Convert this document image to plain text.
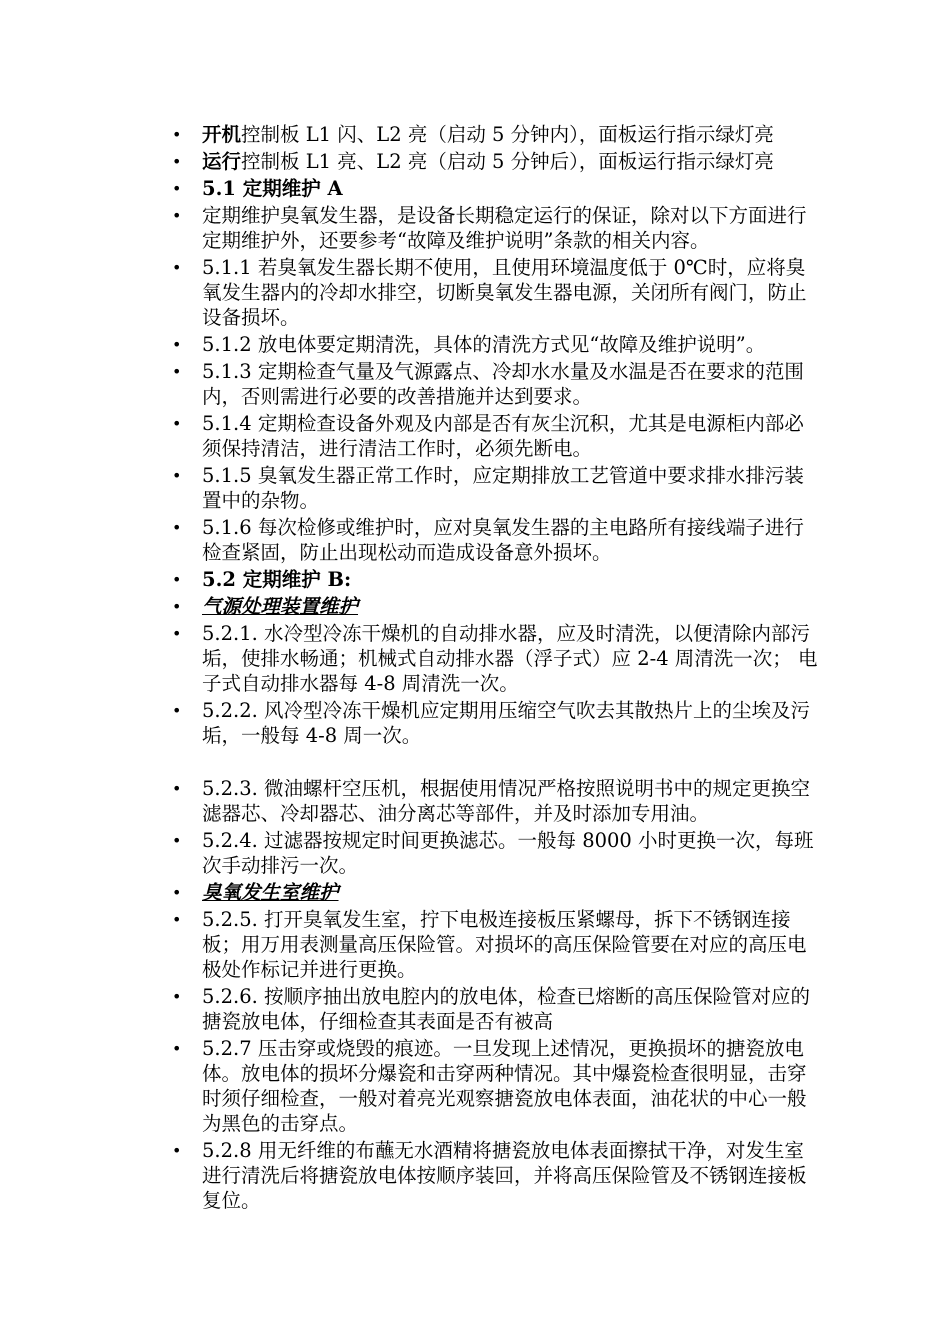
•	开机控制板 L1 闪、L2 亮（启动 5 分钟内），面板运行指示绿灯亮
•	运行控制板 L1 亮、L2 亮（启动 5 分钟后），面板运行指示绿灯亮
•	5.1 定期维护 A
•	定期维护臭氧发生器，是设备长期稳定运行的保证，除对以下方面进行定期维护外，还要参考“故障及维护说明”条款的相关内容。
•	5.1.1 若臭氧发生器长期不使用，且使用环境温度低于 0℃时，应将臭氧发生器内的冷却水排空，切断臭氧发生器电源，关闭所有阀门，防止设备损坏。
•	5.1.2 放电体要定期清洗，具体的清洗方式见“故障及维护说明”。
•	5.1.3 定期检查气量及气源露点、冷却水水量及水温是否在要求的范围内，否则需进行必要的改善措施并达到要求。
•	5.1.4 定期检查设备外观及内部是否有灰尘沉积，尤其是电源柜内部必须保持清洁，进行清洁工作时，必须先断电。
•	5.1.5 臭氧发生器正常工作时，应定期排放工艺管道中要求排水排污装置中的杂物。
•	5.1.6 每次检修或维护时，应对臭氧发生器的主电路所有接线端子进行检查紧固，防止出现松动而造成设备意外损坏。
•	5.2 定期维护 B:
•	气源处理装置维护
•	5.2.1. 水冷型冷冻干燥机的自动排水器，应及时清洗，以便清除内部污垢，使排水畅通；机械式自动排水器（浮子式）应 2-4 周清洗一次； 电子式自动排水器每 4-8 周清洗一次。
•	5.2.2. 风冷型冷冻干燥机应定期用压缩空气吹去其散热片上的尘埃及污垢，一般每 4-8 周一次。
•	5.2.3. 微油螺杆空压机，根据使用情况严格按照说明书中的规定更换空滤器芯、冷却器芯、油分离芯等部件，并及时添加专用油。
•	5.2.4. 过滤器按规定时间更换滤芯。一般每 8000 小时更换一次，每班次手动排污一次。
•	臭氧发生室维护
•	5.2.5. 打开臭氧发生室，拧下电极连接板压紧螺母，拆下不锈钢连接板；用万用表测量高压保险管。对损坏的高压保险管要在对应的高压电极处作标记并进行更换。
•	5.2.6. 按顺序抽出放电腔内的放电体，检查已熔断的高压保险管对应的搪瓷放电体，仔细检查其表面是否有被高
•	5.2.7 压击穿或烧毁的痕迹。一旦发现上述情况，更换损坏的搪瓷放电体。放电体的损坏分爆瓷和击穿两种情况。其中爆瓷检查很明显，击穿时须仔细检查，一般对着亮光观察搪瓷放电体表面，油花状的中心一般为黑色的击穿点。
•	5.2.8 用无纤维的布蘸无水酒精将搪瓷放电体表面擦拭干净，对发生室进行清洗后将搪瓷放电体按顺序装回，并将高压保险管及不锈钢连接板复位。
